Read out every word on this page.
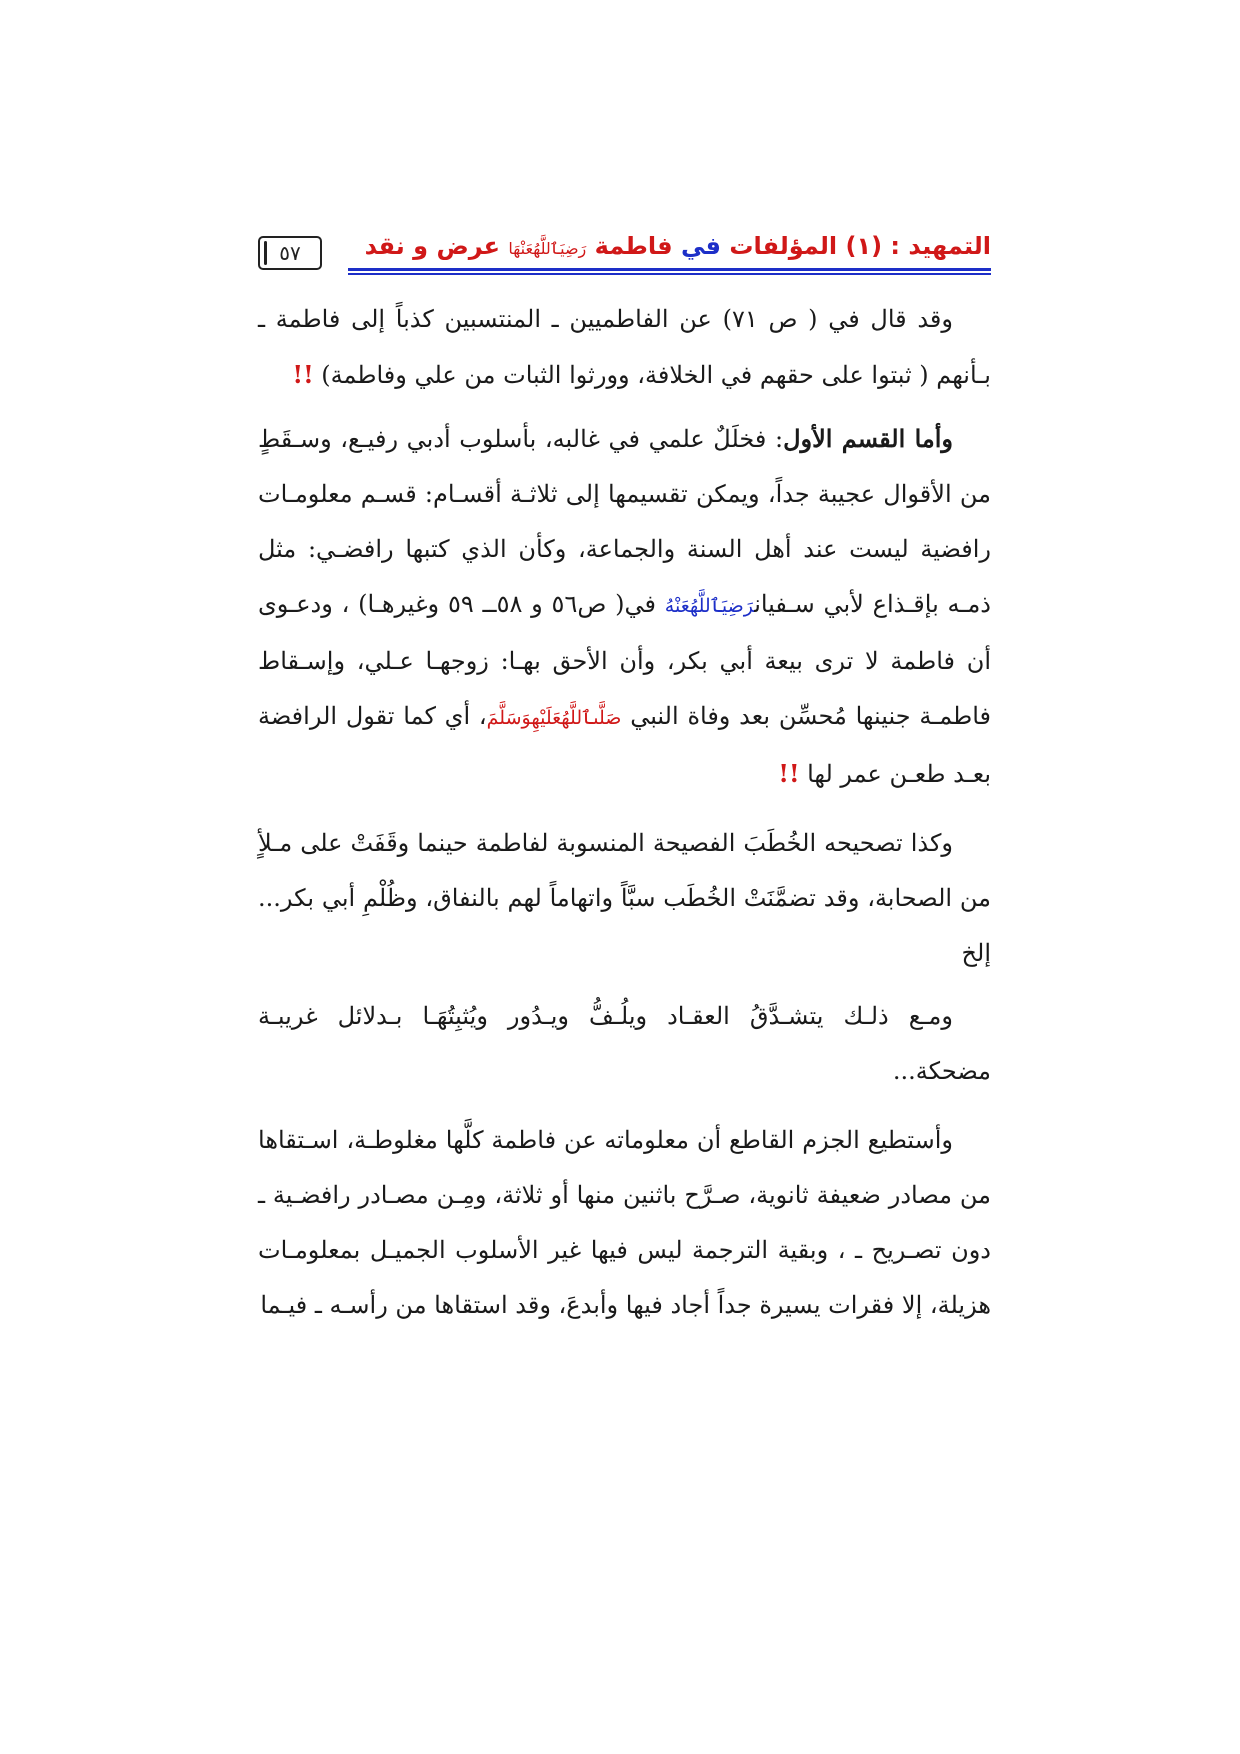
٥٧	التمهيد : (١) المؤلفات في فاطمة رَضِيَٱللَّهُعَنْهَا عرض و نقد

وقد قال في ( ص ٧١) عن الفاطميين ـ المنتسبين كذباً إلى فاطمة ـ بـأنهم ( ثبتوا على حقهم في الخلافة، وورثوا الثبات من علي وفاطمة) !!

وأما القسم الأول: فخلَلٌ علمي في غالبه، بأسلوب أدبي رفيـع، وسـقَطٍ من الأقوال عجيبة جداً، ويمكن تقسيمها إلى ثلاثـة أقسـام: قسـم معلومـات رافضية ليست عند أهل السنة والجماعة، وكأن الذي كتبها رافضـي: مثل ذمـه بإقـذاع لأبي سـفيانرَضِيَٱللَّهُعَنْهُ في( ص٥٦ و ٥٨ــ ٥٩ وغيرهـا) ، ودعـوى أن فاطمة لا ترى بيعة أبي بكر، وأن الأحق بهـا: زوجهـا عـلي، وإسـقاط فاطمـة جنينها مُحسِّن بعد وفاة النبي صَلَّىٱللَّهُعَلَيْهِوَسَلَّمَ، أي كما تقول الرافضة بعـد طعـن عمر لها !!

وكذا تصحيحه الخُطَبَ الفصيحة المنسوبة لفاطمة حينما وقَفَتْ على مـلأٍ من الصحابة، وقد تضمَّنَتْ الخُطَب سبَّاً واتهاماً لهم بالنفاق، وظُلْمِ أبي بكر... إلخ

ومـع ذلـك يتشـدَّقُ العقـاد ويلُـفُّ ويـدُور ويُثبِتُهَـا بـدلائل غريبـة مضحكة...

وأستطيع الجزم القاطع أن معلوماته عن فاطمة كلَّها مغلوطـة، اسـتقاها من مصادر ضعيفة ثانوية، صـرَّح باثنين منها أو ثلاثة، ومِـن مصـادر رافضـية ـ دون تصـريح ـ ، وبقية الترجمة ليس فيها غير الأسلوب الجميـل بمعلومـات هزيلة، إلا فقرات يسيرة جداً أجاد فيها وأبدعَ، وقد استقاها من رأسـه ـ فيـما
